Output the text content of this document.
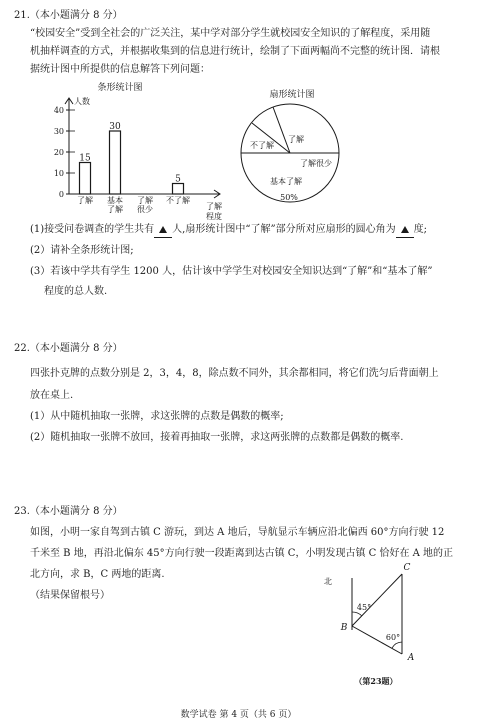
21.（本小题满分 8 分）
“校园安全”受到全社会的广泛关注，某中学对部分学生就校园安全知识的了解程度，采用随
机抽样调查的方式，并根据收集到的信息进行统计，绘制了下面两幅尚不完整的统计图．请根
据统计图中所提供的信息解答下列问题：
条形统计图
人数
0
10
20
30
40
15
30
5
了解 基本
了解
了解
很少
不了解
了解
程度
扇形统计图
了解
不了解
了解很少
基本了解
50%
(1)接受问卷调查的学生共有 人,扇形统计图中“了解”部分所对应扇形的圆心角为 度;
(2）请补全条形统计图;
(3）若该中学共有学生 1200 人，估计该中学学生对校园安全知识达到“了解”和“基本了解”
程度的总人数.
22.（本小题满分 8 分）
四张扑克牌的点数分别是 2，3，4，8，除点数不同外，其余都相同，将它们洗匀后背面朝上
放在桌上.
(1）从中随机抽取一张牌，求这张牌的点数是偶数的概率;
(2）随机抽取一张牌不放回，接着再抽取一张牌，求这两张牌的点数都是偶数的概率.
23.（本小题满分 8 分）
如图，小明一家自驾到古镇 C 游玩，到达 A 地后，导航显示车辆应沿北偏西 60°方向行驶 12
千米至 B 地，再沿北偏东 45°方向行驶一段距离到达古镇 C，小明发现古镇 C 恰好在 A 地的正
北方向，求 B，C 两地的距离.
（结果保留根号）
C
北
45°
60°
B
A
（第23题）
数学试卷 第 4 页（共 6 页）
